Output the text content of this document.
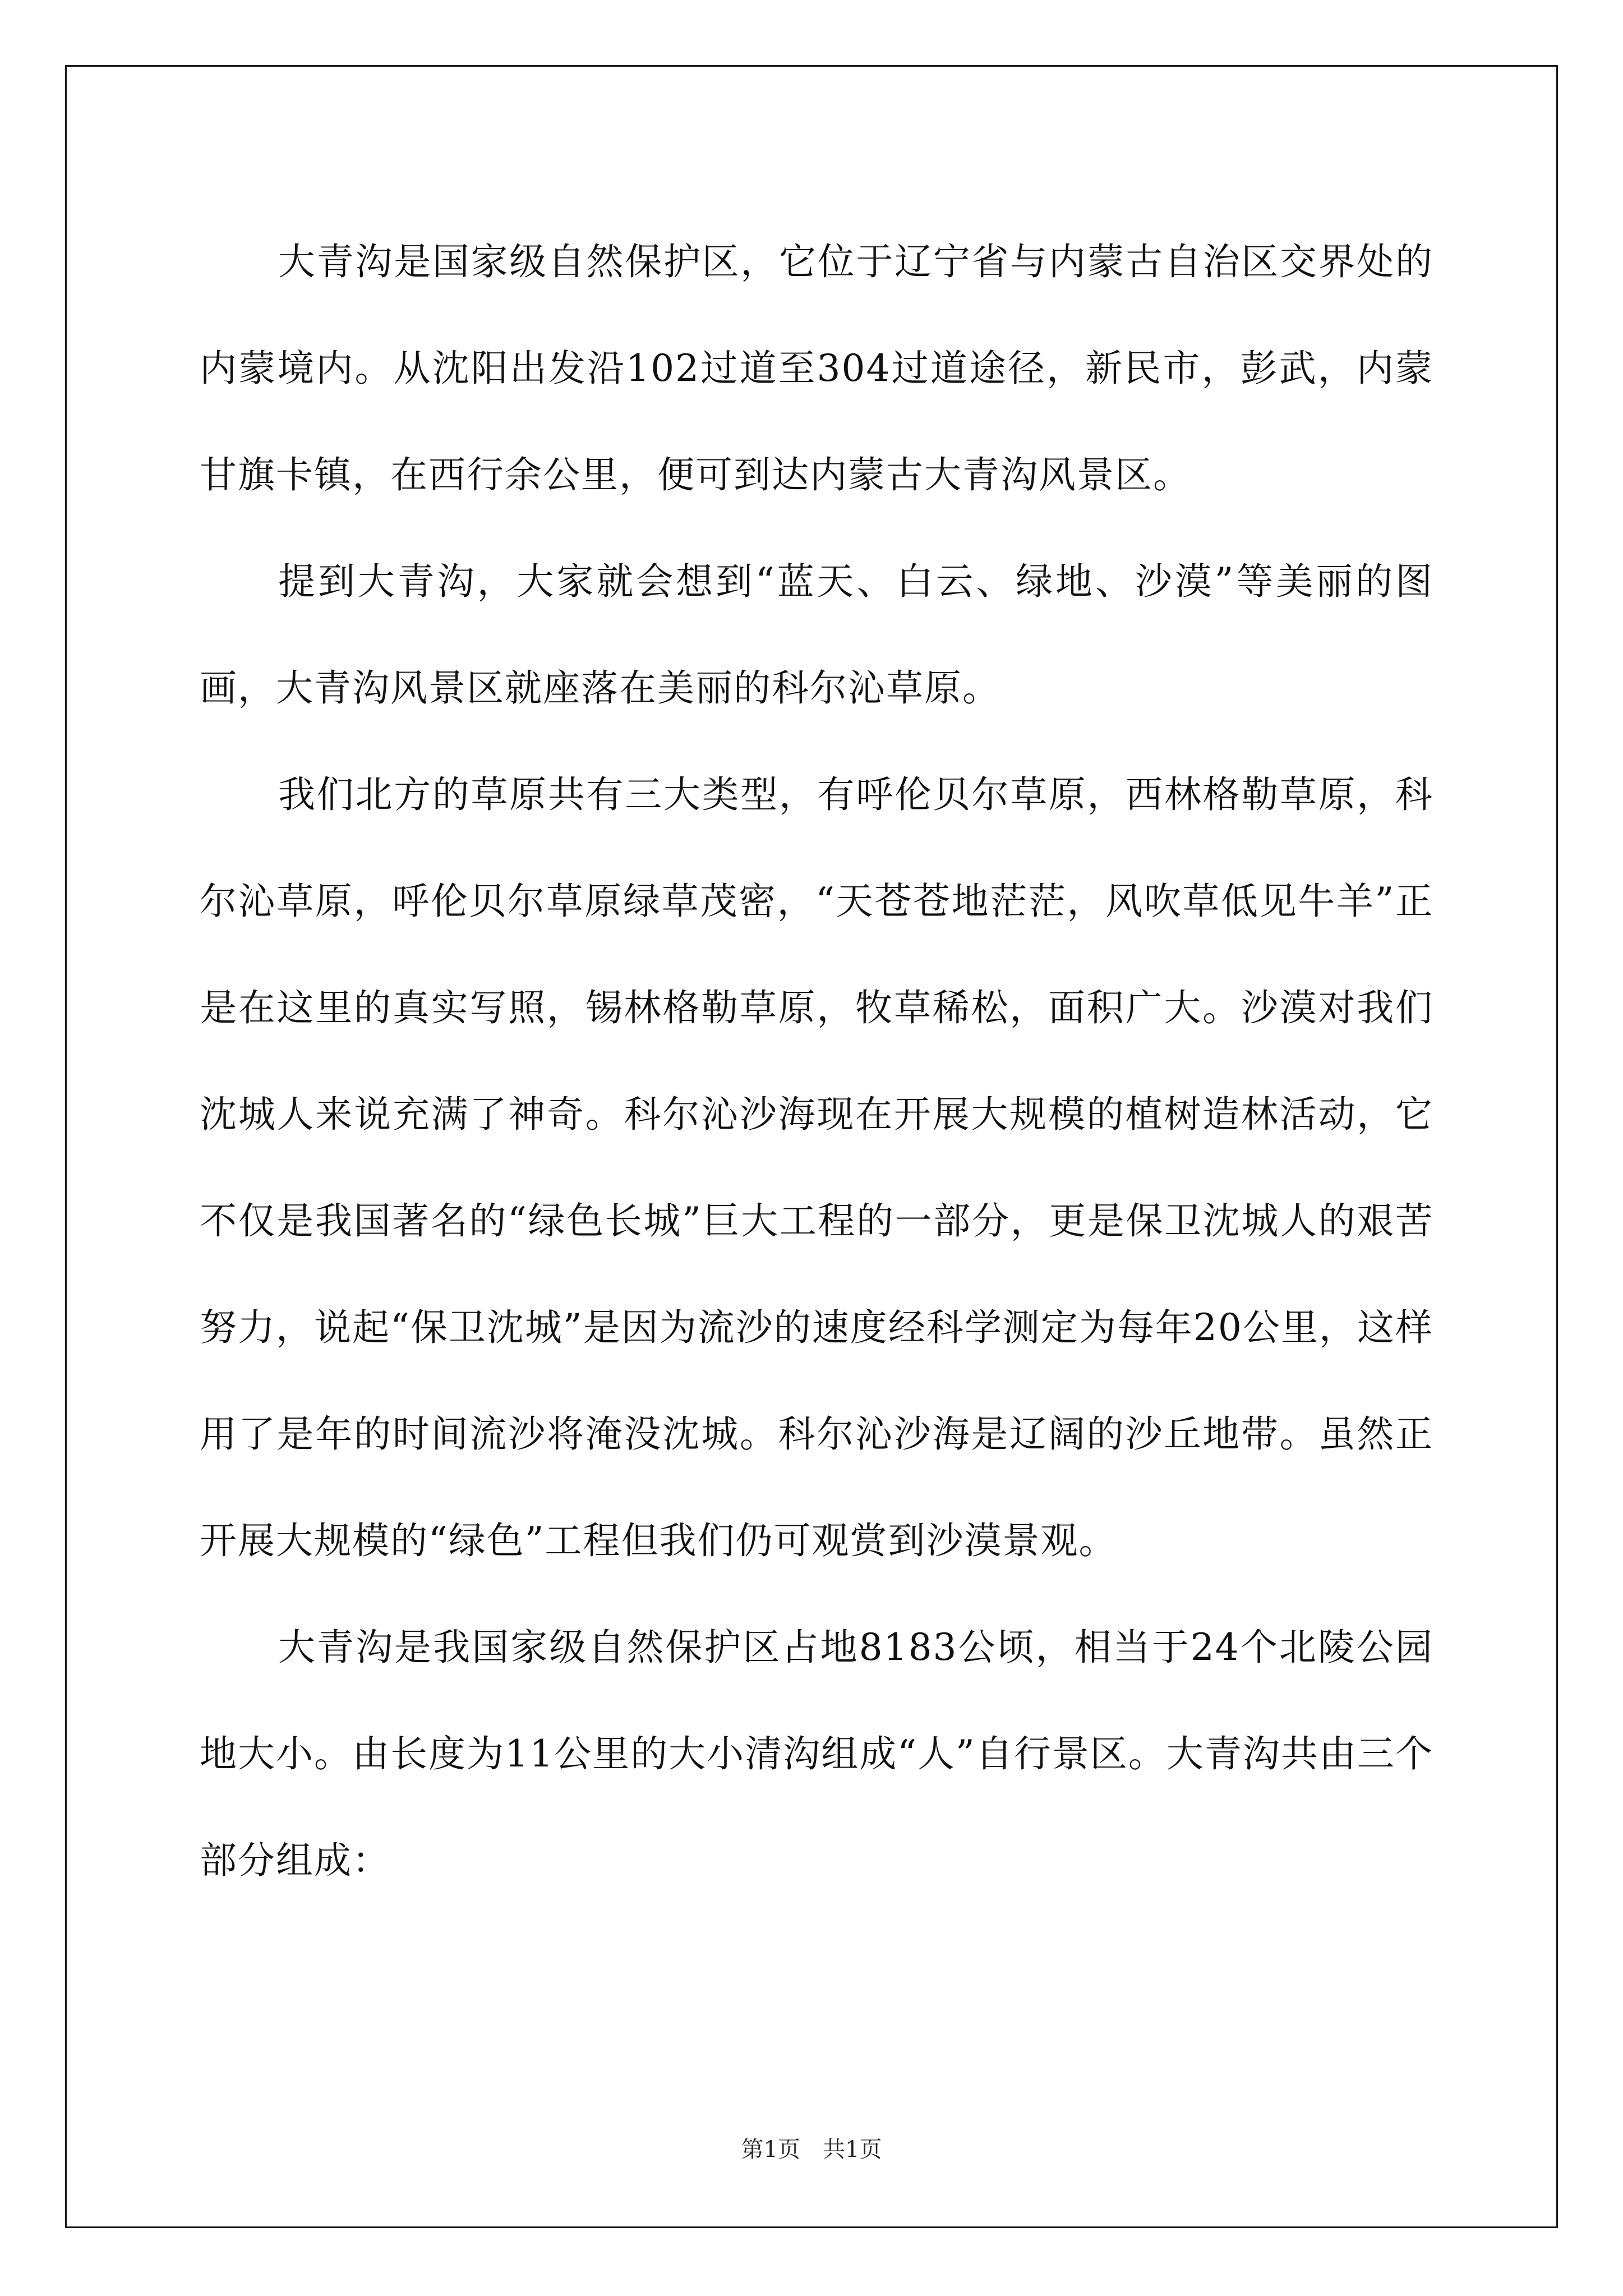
大青沟是国家级自然保护区，它位于辽宁省与内蒙古自治区交界处的内蒙境内。从沈阳出发沿102过道至304过道途径，新民市，彭武，内蒙甘旗卡镇，在西行余公里，便可到达内蒙古大青沟风景区。

提到大青沟，大家就会想到“蓝天、白云、绿地、沙漠”等美丽的图画，大青沟风景区就座落在美丽的科尔沁草原。

我们北方的草原共有三大类型，有呼伦贝尔草原，西林格勒草原，科尔沁草原，呼伦贝尔草原绿草茂密，“天苍苍地茫茫，风吹草低见牛羊”正是在这里的真实写照，锡林格勒草原，牧草稀松，面积广大。沙漠对我们沈城人来说充满了神奇。科尔沁沙海现在开展大规模的植树造林活动，它不仅是我国著名的“绿色长城”巨大工程的一部分，更是保卫沈城人的艰苦努力，说起“保卫沈城”是因为流沙的速度经科学测定为每年20公里，这样用了是年的时间流沙将淹没沈城。科尔沁沙海是辽阔的沙丘地带。虽然正开展大规模的“绿色”工程但我们仍可观赏到沙漠景观。

大青沟是我国家级自然保护区占地8183公顷，相当于24个北陵公园地大小。由长度为11公里的大小清沟组成“人”自行景区。大青沟共由三个部分组成：

第1页　共1页
